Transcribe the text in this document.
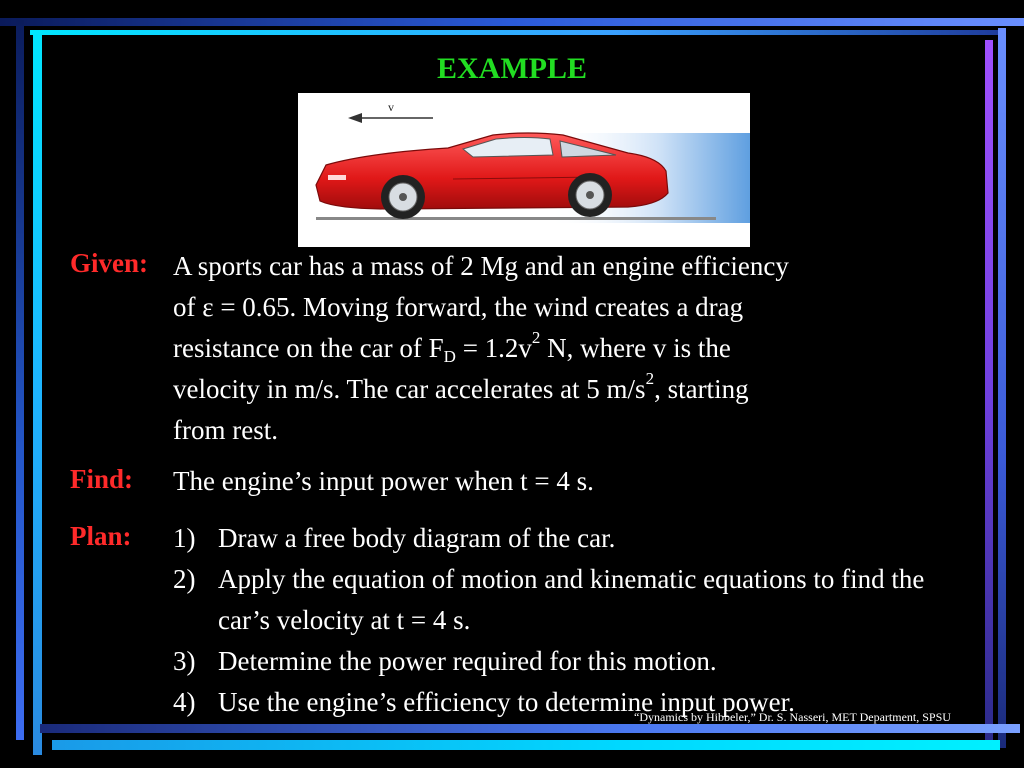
EXAMPLE
v
Given: A sports car has a mass of 2 Mg and an engine efficiency
of ε = 0.65. Moving forward, the wind creates a drag
resistance on the car of $F_D = 1.2v^2$ N, where v is the
velocity in m/s. The car accelerates at 5 $m/s^2$, starting
from rest.
Find: The engine’s input power when t = 4 s.
Plan: 1) Draw a free body diagram of the car.
2) Apply the equation of motion and kinematic equations to find the car’s velocity at t = 4 s.
3) Determine the power required for this motion.
4) Use the engine’s efficiency to determine input power.
“Dynamics by Hibbeler,” Dr. S. Nasseri, MET Department, SPSU
